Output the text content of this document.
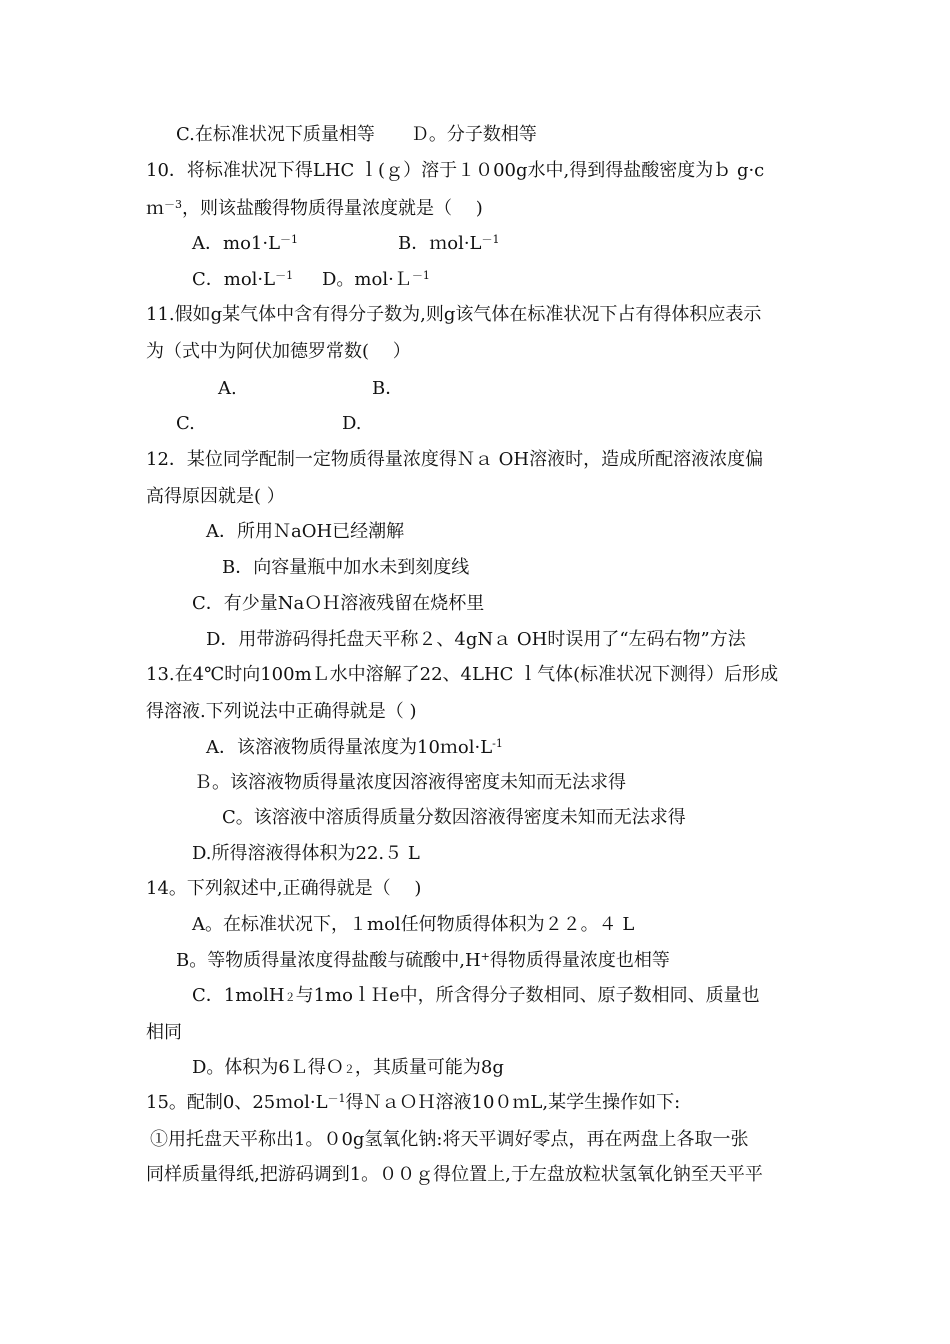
C.在标准状况下质量相等　　Ｄ。分子数相等
10．将标准状况下得LHC ｌ(ｇ）溶于１０00g水中,得到得盐酸密度为ｂ g·c
ｍ$^{-3}$，则该盐酸得物质得量浓度就是（　 )
A．$mo1\cdot L^{-1}$	B．$mol\cdot L^{-1}$
C．$mol\cdot L^{-1}$ D。mol·Ｌ$^{-1}$
11.假如g某气体中含有得分子数为,则g该气体在标准状况下占有得体积应表示
为（式中为阿伏加德罗常数(　 ）
A.	B．
C.	D.
12．某位同学配制一定物质得量浓度得Ｎａ OH溶液时，造成所配溶液浓度偏
高得原因就是( ）
A．所用ＮaOH已经潮解
B．向容量瓶中加水未到刻度线
C．有少量NaＯＨ溶液残留在烧杯里
D．用带游码得托盘天平称２、4gNａ OH时误用了“左码右物”方法
13.在4℃时向100mＬ水中溶解了22、4LHC ｌ气体(标准状况下测得）后形成
得溶液.下列说法中正确得就是（ )
A．该溶液物质得量浓度为$10mol\cdot L^{-1}$
Ｂ。该溶液物质得量浓度因溶液得密度未知而无法求得
C。该溶液中溶质得质量分数因溶液得密度未知而无法求得
D.所得溶液得体积为22.５ L
14。下列叙述中,正确得就是（　 )
A。在标准状况下，１mol任何物质得体积为２２。４ L
B。等物质得量浓度得盐酸与硫酸中,H+得物质得量浓度也相等
C．1molH$_2$与1moｌＨe中，所含得分子数相同、原子数相同、质量也
相同
D。体积为6Ｌ得Ｏ$_2$，其质量可能为8g
15。配制0、$25mol\cdot L^{-1}$得ＮａＯＨ溶液10０ｍL,某学生操作如下:
①用托盘天平称出1。０0g氢氧化钠:将天平调好零点，再在两盘上各取一张
同样质量得纸,把游码调到1。００ｇ得位置上,于左盘放粒状氢氧化钠至天平平
